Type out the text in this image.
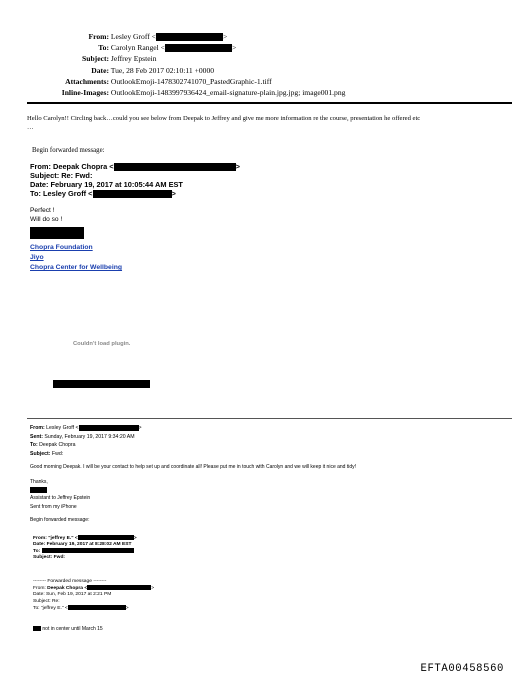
From: Lesley Groff <	>
To: Carolyn Rangel <	>
Subject: Jeffrey Epstein
Date: Tue, 28 Feb 2017 02:10:11 +0000
Attachments: OutlookEmoji-1478302741070_PastedGraphic-1.tiff
Inline-Images: OutlookEmoji-1483997936424_email-signature-plain.jpg.jpg; image001.png
Hello Carolyn!! Circling back…could you see below from Deepak to Jeffrey and give me more information re the course, presentation he offered etc
…
Begin forwarded message:
From: Deepak Chopra <	>
Subject: Re: Fwd:
Date: February 19, 2017 at 10:05:44 AM EST
To: Lesley Groff <	>
Perfect !
Will do so !
Chopra Foundation
Jiyo
Chopra Center for Wellbeing
Couldn't load plugin.
From: Lesley Groff <	>
Sent: Sunday, February 19, 2017 9:34:20 AM
To: Deepak Chopra
Subject: Fwd:
Good morning Deepak. I will be your contact to help set up and coordinate all! Please put me in touch with Carolyn and we will keep it nice and tidy!
Thanks,
Assistant to Jeffrey Epstein
Sent from my iPhone
Begin forwarded message:
From: "jeffrey E." <	>
Date: February 19, 2017 at 8:28:02 AM EST
To:
Subject: Fwd:
-------- Forwarded message --------
From: Deepak Chopra <	>
Date: Sun, Feb 19, 2017 at 2:21 PM
Subject: Re:
To: "jeffrey E." <	>
not in center until March 15
EFTA00458560
